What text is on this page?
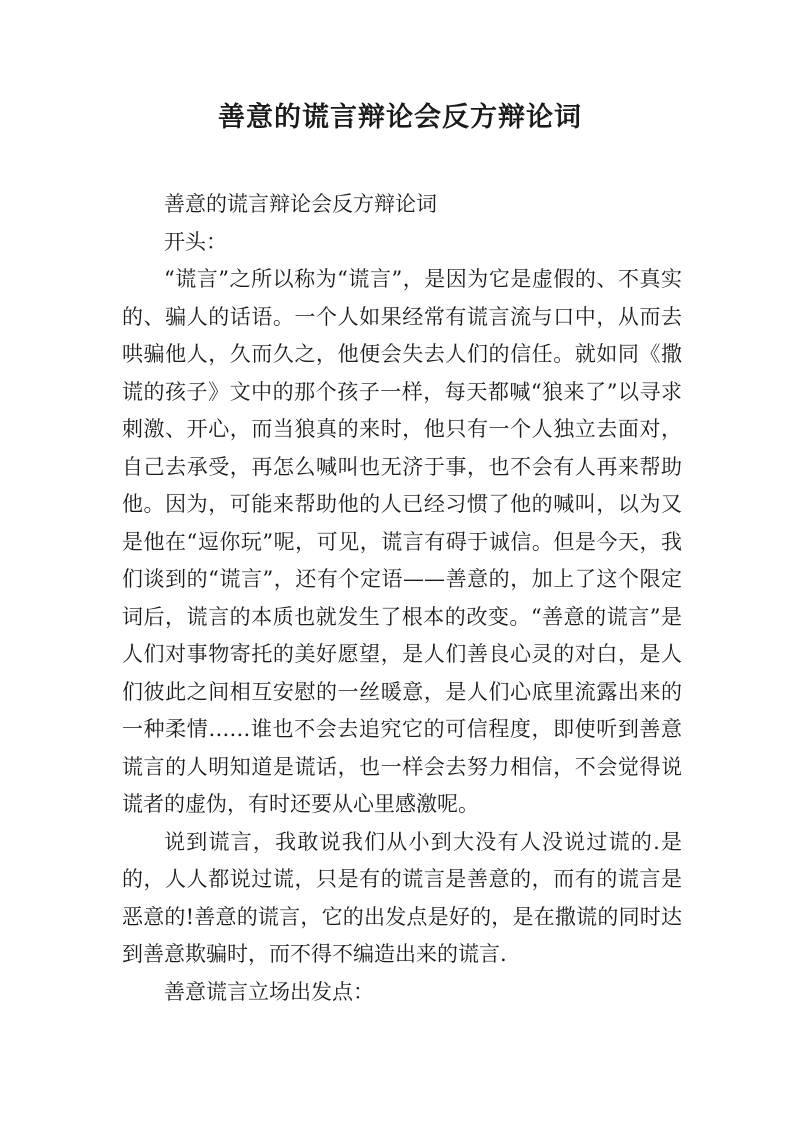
善意的谎言辩论会反方辩论词

善意的谎言辩论会反方辩论词

开头：

“谎言”之所以称为“谎言”，是因为它是虚假的、不真实的、骗人的话语。一个人如果经常有谎言流与口中，从而去哄骗他人，久而久之，他便会失去人们的信任。就如同《撒谎的孩子》文中的那个孩子一样，每天都喊“狼来了”以寻求刺激、开心，而当狼真的来时，他只有一个人独立去面对，自己去承受，再怎么喊叫也无济于事，也不会有人再来帮助他。因为，可能来帮助他的人已经习惯了他的喊叫，以为又是他在“逗你玩”呢，可见，谎言有碍于诚信。但是今天，我们谈到的“谎言”，还有个定语——善意的，加上了这个限定词后，谎言的本质也就发生了根本的改变。“善意的谎言”是人们对事物寄托的美好愿望，是人们善良心灵的对白，是人们彼此之间相互安慰的一丝暖意，是人们心底里流露出来的一种柔情……谁也不会去追究它的可信程度，即使听到善意谎言的人明知道是谎话，也一样会去努力相信，不会觉得说谎者的虚伪，有时还要从心里感激呢。

说到谎言，我敢说我们从小到大没有人没说过谎的.是的，人人都说过谎，只是有的谎言是善意的，而有的谎言是恶意的!善意的谎言，它的出发点是好的，是在撒谎的同时达到善意欺骗时，而不得不编造出来的谎言.

善意谎言立场出发点：
